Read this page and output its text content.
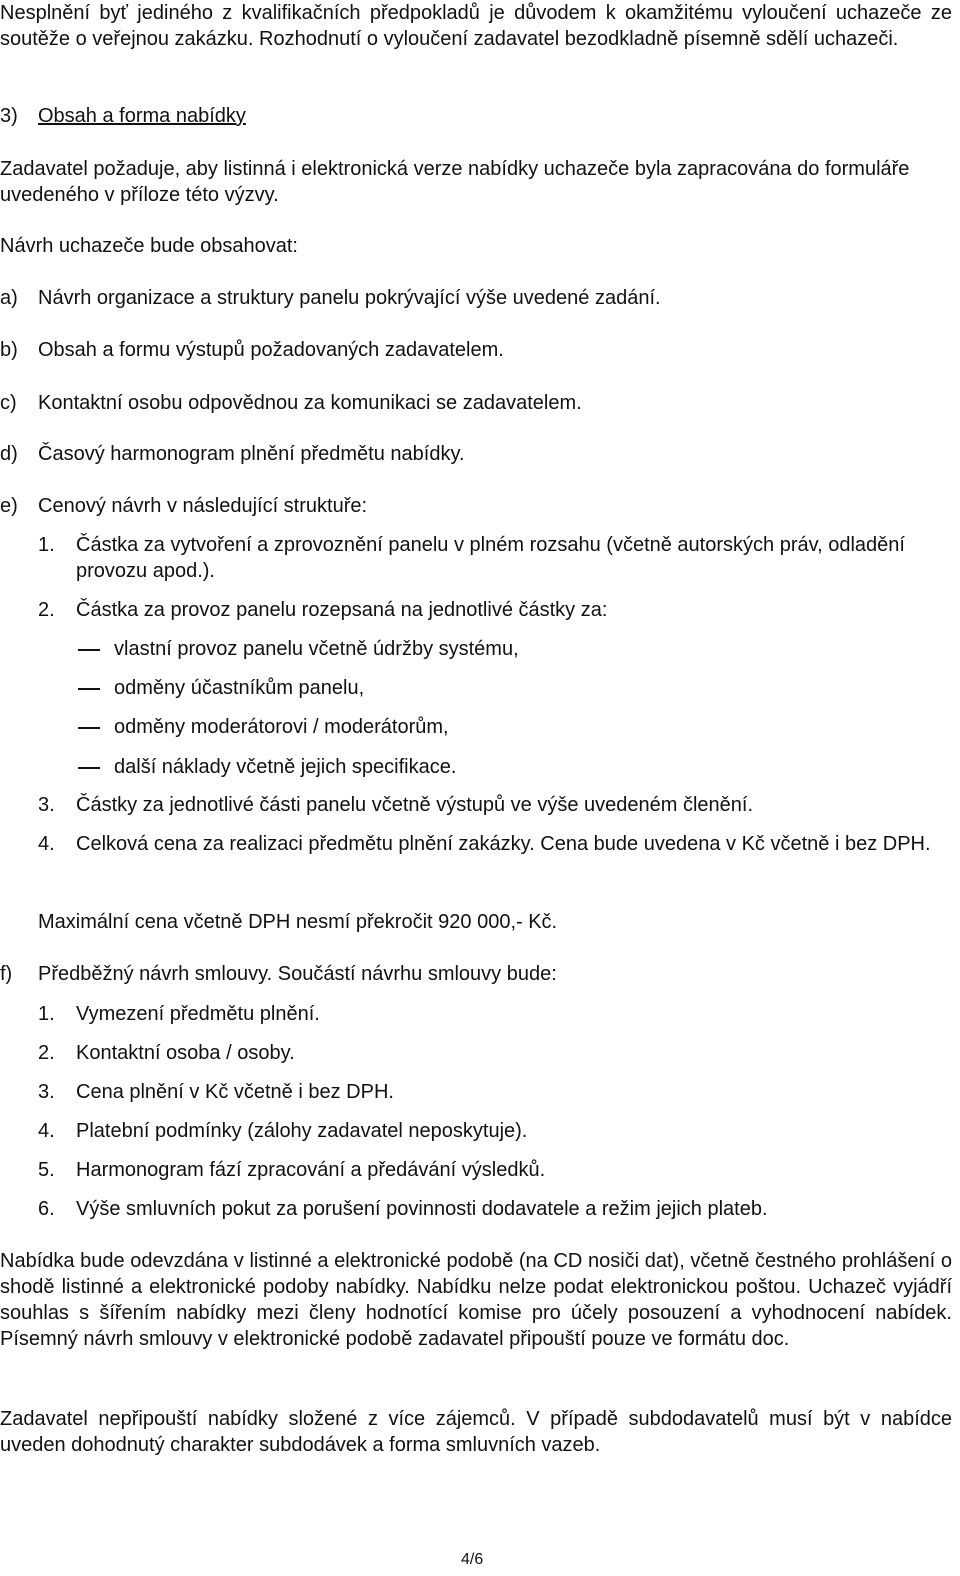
Nesplnění byť jediného z kvalifikačních předpokladů je důvodem k okamžitému vyloučení uchazeče ze soutěže o veřejnou zakázku. Rozhodnutí o vyloučení zadavatel bezodkladně písemně sdělí uchazeči.

3) Obsah a forma nabídky

Zadavatel požaduje, aby listinná i elektronická verze nabídky uchazeče byla zapracována do formuláře uvedeného v příloze této výzvy.

Návrh uchazeče bude obsahovat:

a) Návrh organizace a struktury panelu pokrývající výše uvedené zadání.
b) Obsah a formu výstupů požadovaných zadavatelem.
c) Kontaktní osobu odpovědnou za komunikaci se zadavatelem.
d) Časový harmonogram plnění předmětu nabídky.
e) Cenový návrh v následující struktuře:
1. Částka za vytvoření a zprovoznění panelu v plném rozsahu (včetně autorských práv, odladění provozu apod.).
2. Částka za provoz panelu rozepsaná na jednotlivé částky za:
vlastní provoz panelu včetně údržby systému,
odměny účastníkům panelu,
odměny moderátorovi / moderátorům,
další náklady včetně jejich specifikace.
3. Částky za jednotlivé části panelu včetně výstupů ve výše uvedeném členění.
4. Celková cena za realizaci předmětu plnění zakázky. Cena bude uvedena v Kč včetně i bez DPH.
Maximální cena včetně DPH nesmí překročit 920 000,- Kč.
f) Předběžný návrh smlouvy. Součástí návrhu smlouvy bude:
1. Vymezení předmětu plnění.
2. Kontaktní osoba / osoby.
3. Cena plnění v Kč včetně i bez DPH.
4. Platební podmínky (zálohy zadavatel neposkytuje).
5. Harmonogram fází zpracování a předávání výsledků.
6. Výše smluvních pokut za porušení povinnosti dodavatele a režim jejich plateb.

Nabídka bude odevzdána v listinné a elektronické podobě (na CD nosiči dat), včetně čestného prohlášení o shodě listinné a elektronické podoby nabídky. Nabídku nelze podat elektronickou poštou. Uchazeč vyjádří souhlas s šířením nabídky mezi členy hodnotící komise pro účely posouzení a vyhodnocení nabídek. Písemný návrh smlouvy v elektronické podobě zadavatel připouští pouze ve formátu doc.

Zadavatel nepřipouští nabídky složené z více zájemců. V případě subdodavatelů musí být v nabídce uveden dohodnutý charakter subdodávek a forma smluvních vazeb.

4/6
